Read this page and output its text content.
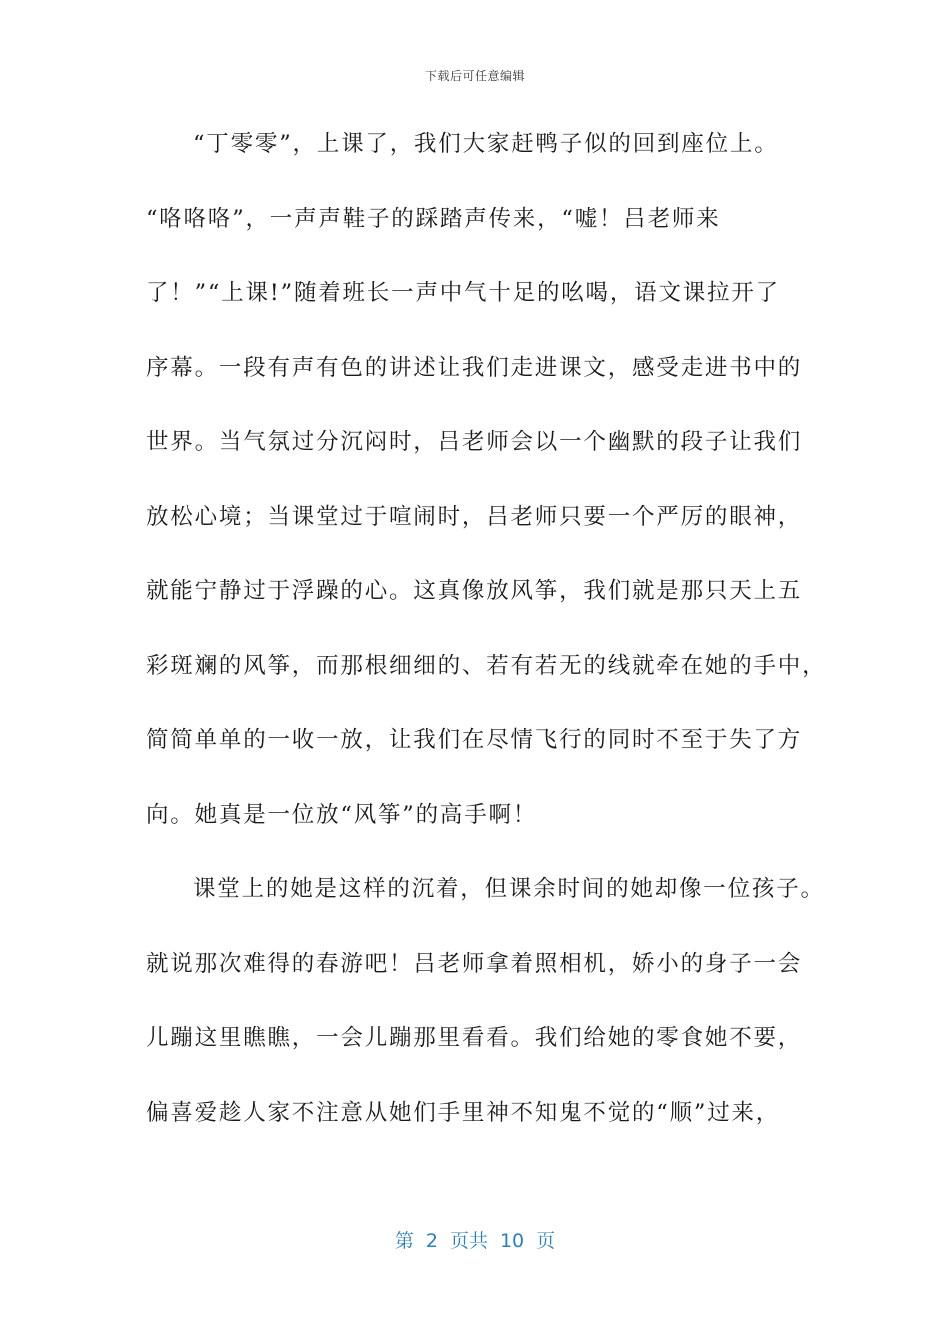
下载后可任意编辑
“丁零零”，上课了，我们大家赶鸭子似的回到座位上。
“咯咯咯”，一声声鞋子的踩踏声传来，“嘘！吕老师来
了！”“上课!”随着班长一声中气十足的吆喝，语文课拉开了
序幕。一段有声有色的讲述让我们走进课文，感受走进书中的
世界。当气氛过分沉闷时，吕老师会以一个幽默的段子让我们
放松心境；当课堂过于喧闹时，吕老师只要一个严厉的眼神，
就能宁静过于浮躁的心。这真像放风筝，我们就是那只天上五
彩斑斓的风筝，而那根细细的、若有若无的线就牵在她的手中，
简简单单的一收一放，让我们在尽情飞行的同时不至于失了方
向。她真是一位放“风筝”的高手啊！
课堂上的她是这样的沉着，但课余时间的她却像一位孩子。
就说那次难得的春游吧！吕老师拿着照相机，娇小的身子一会
儿蹦这里瞧瞧，一会儿蹦那里看看。我们给她的零食她不要，
偏喜爱趁人家不注意从她们手里神不知鬼不觉的“顺”过来，
第 2 页共 10 页
